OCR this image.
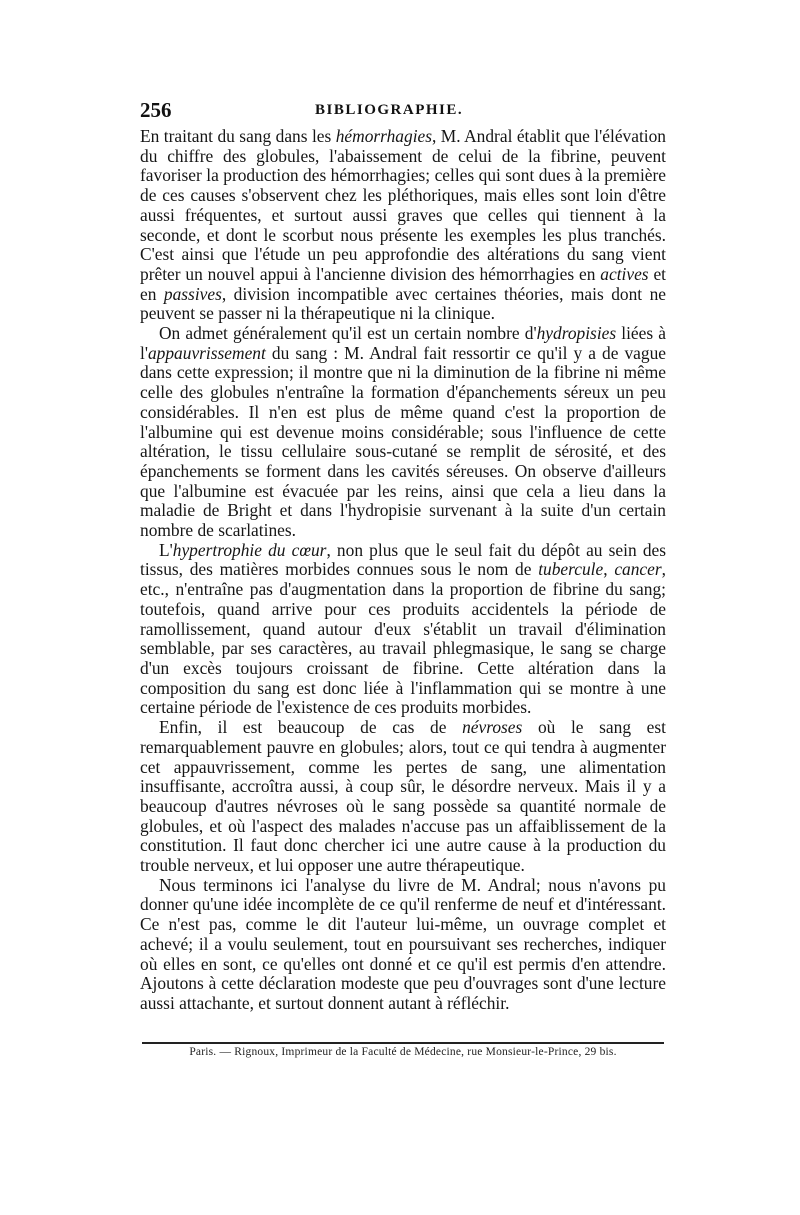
256	BIBLIOGRAPHIE.

En traitant du sang dans les hémorrhagies, M. Andral établit que l'élévation du chiffre des globules, l'abaissement de celui de la fibrine, peuvent favoriser la production des hémorrhagies; celles qui sont dues à la première de ces causes s'observent chez les pléthoriques, mais elles sont loin d'être aussi fréquentes, et surtout aussi graves que celles qui tiennent à la seconde, et dont le scorbut nous présente les exemples les plus tranchés. C'est ainsi que l'étude un peu approfondie des altérations du sang vient prêter un nouvel appui à l'ancienne division des hémorrhagies en actives et en passives, division incompatible avec certaines théories, mais dont ne peuvent se passer ni la thérapeutique ni la clinique.

On admet généralement qu'il est un certain nombre d'hydropisies liées à l'appauvrissement du sang : M. Andral fait ressortir ce qu'il y a de vague dans cette expression; il montre que ni la diminution de la fibrine ni même celle des globules n'entraîne la formation d'épanchements séreux un peu considérables. Il n'en est plus de même quand c'est la proportion de l'albumine qui est devenue moins considérable; sous l'influence de cette altération, le tissu cellulaire sous-cutané se remplit de sérosité, et des épanchements se forment dans les cavités séreuses. On observe d'ailleurs que l'albumine est évacuée par les reins, ainsi que cela a lieu dans la maladie de Bright et dans l'hydropisie survenant à la suite d'un certain nombre de scarlatines.

L'hypertrophie du cœur, non plus que le seul fait du dépôt au sein des tissus, des matières morbides connues sous le nom de tubercule, cancer, etc., n'entraîne pas d'augmentation dans la proportion de fibrine du sang; toutefois, quand arrive pour ces produits accidentels la période de ramollissement, quand autour d'eux s'établit un travail d'élimination semblable, par ses caractères, au travail phlegmasique, le sang se charge d'un excès toujours croissant de fibrine. Cette altération dans la composition du sang est donc liée à l'inflammation qui se montre à une certaine période de l'existence de ces produits morbides.

Enfin, il est beaucoup de cas de névroses où le sang est remarquablement pauvre en globules; alors, tout ce qui tendra à augmenter cet appauvrissement, comme les pertes de sang, une alimentation insuffisante, accroîtra aussi, à coup sûr, le désordre nerveux. Mais il y a beaucoup d'autres névroses où le sang possède sa quantité normale de globules, et où l'aspect des malades n'accuse pas un affaiblissement de la constitution. Il faut donc chercher ici une autre cause à la production du trouble nerveux, et lui opposer une autre thérapeutique.

Nous terminons ici l'analyse du livre de M. Andral; nous n'avons pu donner qu'une idée incomplète de ce qu'il renferme de neuf et d'intéressant. Ce n'est pas, comme le dit l'auteur lui-même, un ouvrage complet et achevé; il a voulu seulement, tout en poursuivant ses recherches, indiquer où elles en sont, ce qu'elles ont donné et ce qu'il est permis d'en attendre. Ajoutons à cette déclaration modeste que peu d'ouvrages sont d'une lecture aussi attachante, et surtout donnent autant à réfléchir.

Paris. — Rignoux, Imprimeur de la Faculté de Médecine, rue Monsieur-le-Prince, 29 bis.
